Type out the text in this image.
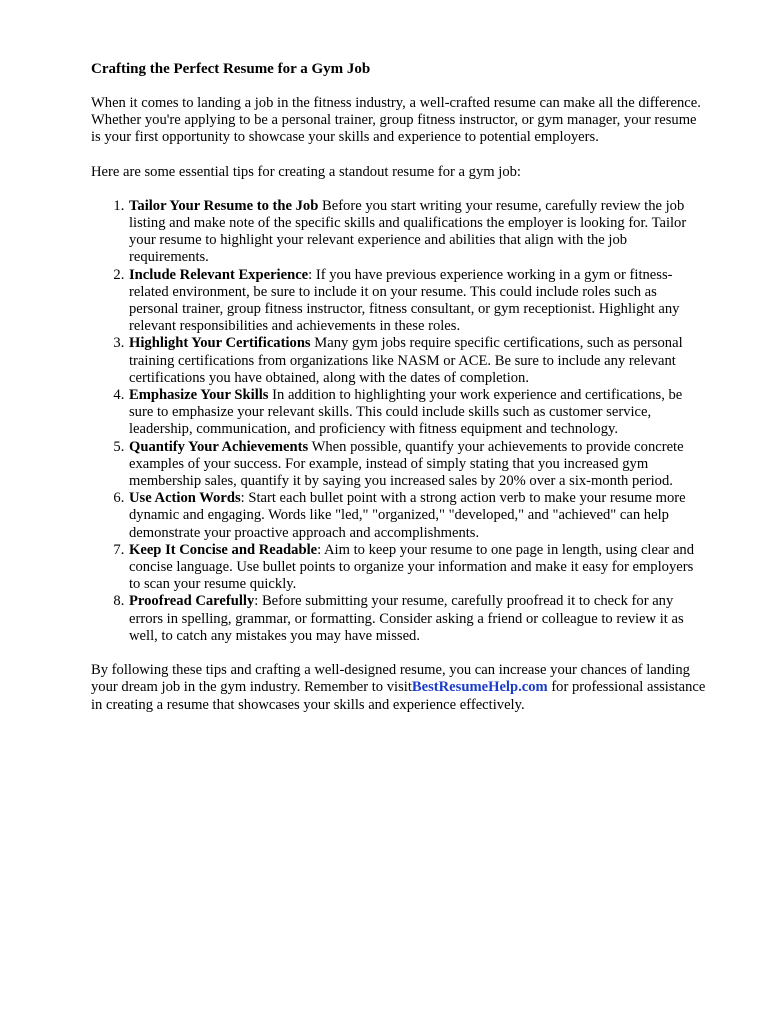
Crafting the Perfect Resume for a Gym Job

When it comes to landing a job in the fitness industry, a well-crafted resume can make all the difference. Whether you're applying to be a personal trainer, group fitness instructor, or gym manager, your resume is your first opportunity to showcase your skills and experience to potential employers.

Here are some essential tips for creating a standout resume for a gym job:

1. Tailor Your Resume to the Job Before you start writing your resume, carefully review the job listing and make note of the specific skills and qualifications the employer is looking for. Tailor your resume to highlight your relevant experience and abilities that align with the job requirements.
2. Include Relevant Experience: If you have previous experience working in a gym or fitness-related environment, be sure to include it on your resume. This could include roles such as personal trainer, group fitness instructor, fitness consultant, or gym receptionist. Highlight any relevant responsibilities and achievements in these roles.
3. Highlight Your Certifications Many gym jobs require specific certifications, such as personal training certifications from organizations like NASM or ACE. Be sure to include any relevant certifications you have obtained, along with the dates of completion.
4. Emphasize Your Skills In addition to highlighting your work experience and certifications, be sure to emphasize your relevant skills. This could include skills such as customer service, leadership, communication, and proficiency with fitness equipment and technology.
5. Quantify Your Achievements When possible, quantify your achievements to provide concrete examples of your success. For example, instead of simply stating that you increased gym membership sales, quantify it by saying you increased sales by 20% over a six-month period.
6. Use Action Words: Start each bullet point with a strong action verb to make your resume more dynamic and engaging. Words like "led," "organized," "developed," and "achieved" can help demonstrate your proactive approach and accomplishments.
7. Keep It Concise and Readable: Aim to keep your resume to one page in length, using clear and concise language. Use bullet points to organize your information and make it easy for employers to scan your resume quickly.
8. Proofread Carefully: Before submitting your resume, carefully proofread it to check for any errors in spelling, grammar, or formatting. Consider asking a friend or colleague to review it as well, to catch any mistakes you may have missed.

By following these tips and crafting a well-designed resume, you can increase your chances of landing your dream job in the gym industry. Remember to visitBestResumeHelp.com for professional assistance in creating a resume that showcases your skills and experience effectively.
